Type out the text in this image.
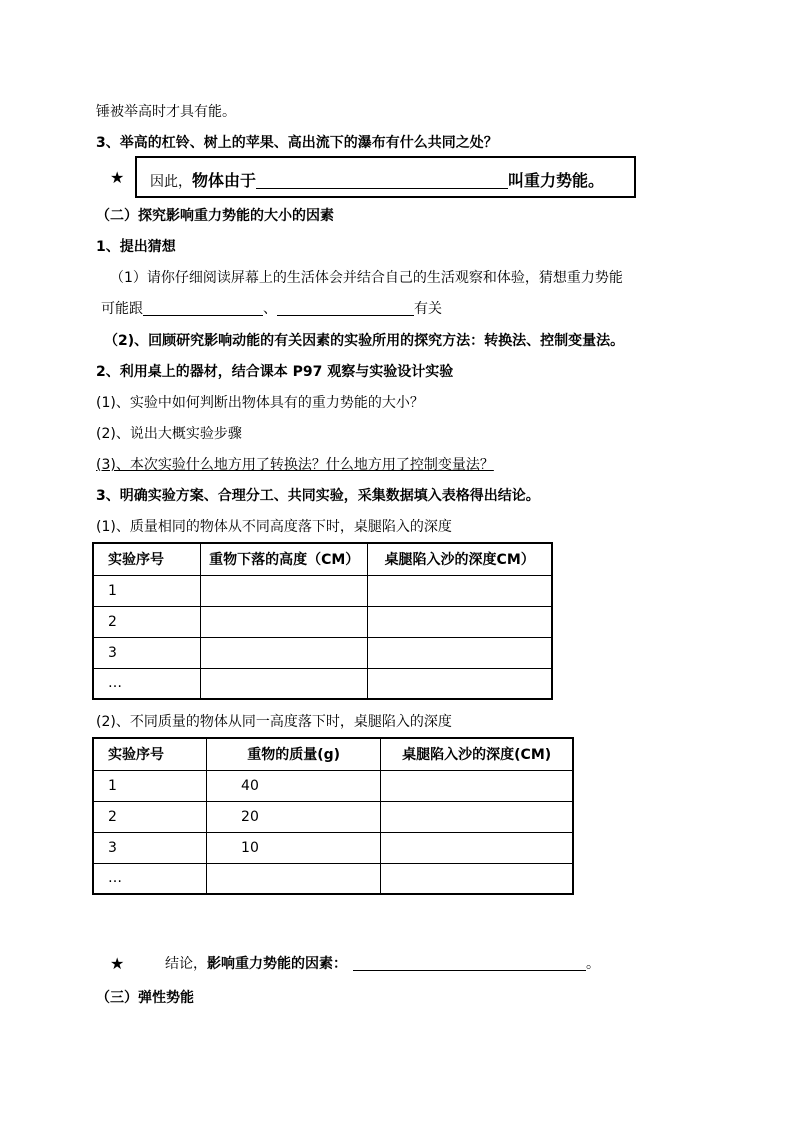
锤被举高时才具有能。
3、举高的杠铃、树上的苹果、高出流下的瀑布有什么共同之处？
★ 因此，物体由于	叫重力势能。
（二）探究影响重力势能的大小的因素
1、提出猜想
（1）请你仔细阅读屏幕上的生活体会并结合自己的生活观察和体验，猜想重力势能
可能跟	、	有关
（2)、回顾研究影响动能的有关因素的实验所用的探究方法：转换法、控制变量法。
2、利用桌上的器材，结合课本 P97 观察与实验设计实验
(1)、实验中如何判断出物体具有的重力势能的大小？
(2)、说出大概实验步骤
(3)、本次实验什么地方用了转换法？什么地方用了控制变量法？
3、明确实验方案、合理分工、共同实验，采集数据填入表格得出结论。
(1)、质量相同的物体从不同高度落下时，桌腿陷入的深度
实验序号	重物下落的高度（CM）	桌腿陷入沙的深度CM）
1		
2		
3		
…		
(2)、不同质量的物体从同一高度落下时，桌腿陷入的深度
实验序号	重物的质量(g)	桌腿陷入沙的深度(CM)
1	40	
2	20	
3	10	
…		
★	结论，影响重力势能的因素：	。
（三）弹性势能
